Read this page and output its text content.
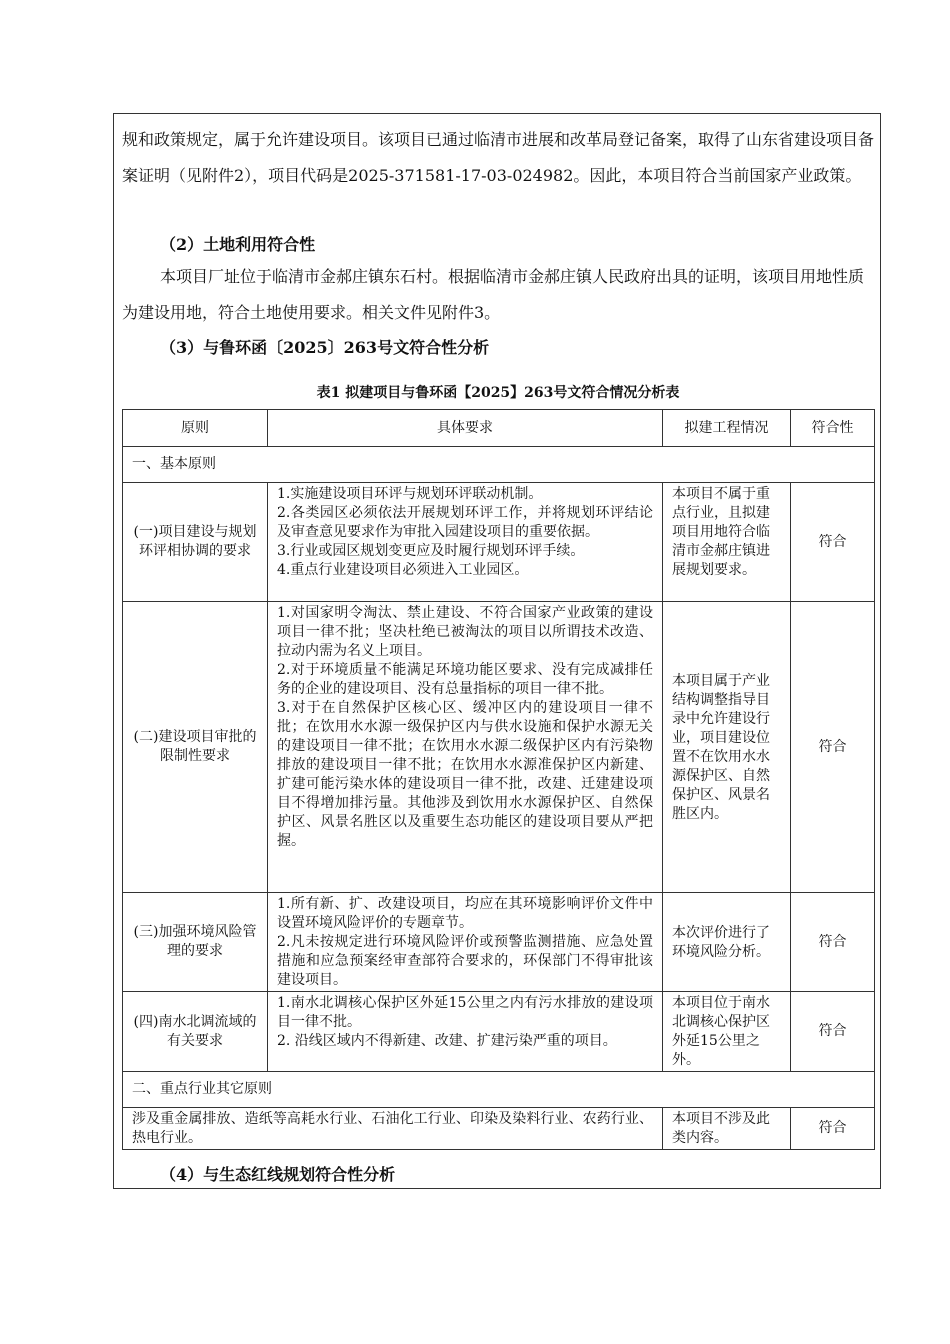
规和政策规定，属于允许建设项目。该项目已通过临清市进展和改革局登记备案，取得了山东省建设项目备案证明（见附件2），项目代码是2025-371581-17-03-024982。因此，本项目符合当前国家产业政策。

（2）土地利用符合性

本项目厂址位于临清市金郝庄镇东石村。根据临清市金郝庄镇人民政府出具的证明，该项目用地性质为建设用地，符合土地使用要求。相关文件见附件3。

（3）与鲁环函〔2025〕263号文符合性分析

表1 拟建项目与鲁环函【2025】263号文符合情况分析表

原则	具体要求	拟建工程情况	符合性
一、基本原则			
(一)项目建设与规划环评相协调的要求	1.实施建设项目环评与规划环评联动机制。
2.各类园区必须依法开展规划环评工作，并将规划环评结论及审查意见要求作为审批入园建设项目的重要依据。
3.行业或园区规划变更应及时履行规划环评手续。
4.重点行业建设项目必须进入工业园区。	本项目不属于重点行业，且拟建项目用地符合临清市金郝庄镇进展规划要求。	符合
(二)建设项目审批的限制性要求	1.对国家明令淘汰、禁止建设、不符合国家产业政策的建设项目一律不批；坚决杜绝已被淘汰的项目以所谓技术改造、拉动内需为名义上项目。
2.对于环境质量不能满足环境功能区要求、没有完成减排任务的企业的建设项目、没有总量指标的项目一律不批。
3.对于在自然保护区核心区、缓冲区内的建设项目一律不批；在饮用水水源一级保护区内与供水设施和保护水源无关的建设项目一律不批；在饮用水水源二级保护区内有污染物排放的建设项目一律不批；在饮用水水源准保护区内新建、扩建可能污染水体的建设项目一律不批，改建、迁建建设项目不得增加排污量。其他涉及到饮用水水源保护区、自然保护区、风景名胜区以及重要生态功能区的建设项目要从严把握。	本项目属于产业结构调整指导目录中允许建设行业，项目建设位置不在饮用水水源保护区、自然保护区、风景名胜区内。	符合
(三)加强环境风险管理的要求	1.所有新、扩、改建设项目，均应在其环境影响评价文件中设置环境风险评价的专题章节。
2.凡未按规定进行环境风险评价或预警监测措施、应急处置措施和应急预案经审查部符合要求的，环保部门不得审批该建设项目。	本次评价进行了环境风险分析。	符合
(四)南水北调流域的有关要求	1.南水北调核心保护区外延15公里之内有污水排放的建设项目一律不批。
2. 沿线区域内不得新建、改建、扩建污染严重的项目。	本项目位于南水北调核心保护区外延15公里之外。	符合
二、重点行业其它原则			
涉及重金属排放、造纸等高耗水行业、石油化工行业、印染及染料行业、农药行业、热电行业。		本项目不涉及此类内容。	符合

（4）与生态红线规划符合性分析
